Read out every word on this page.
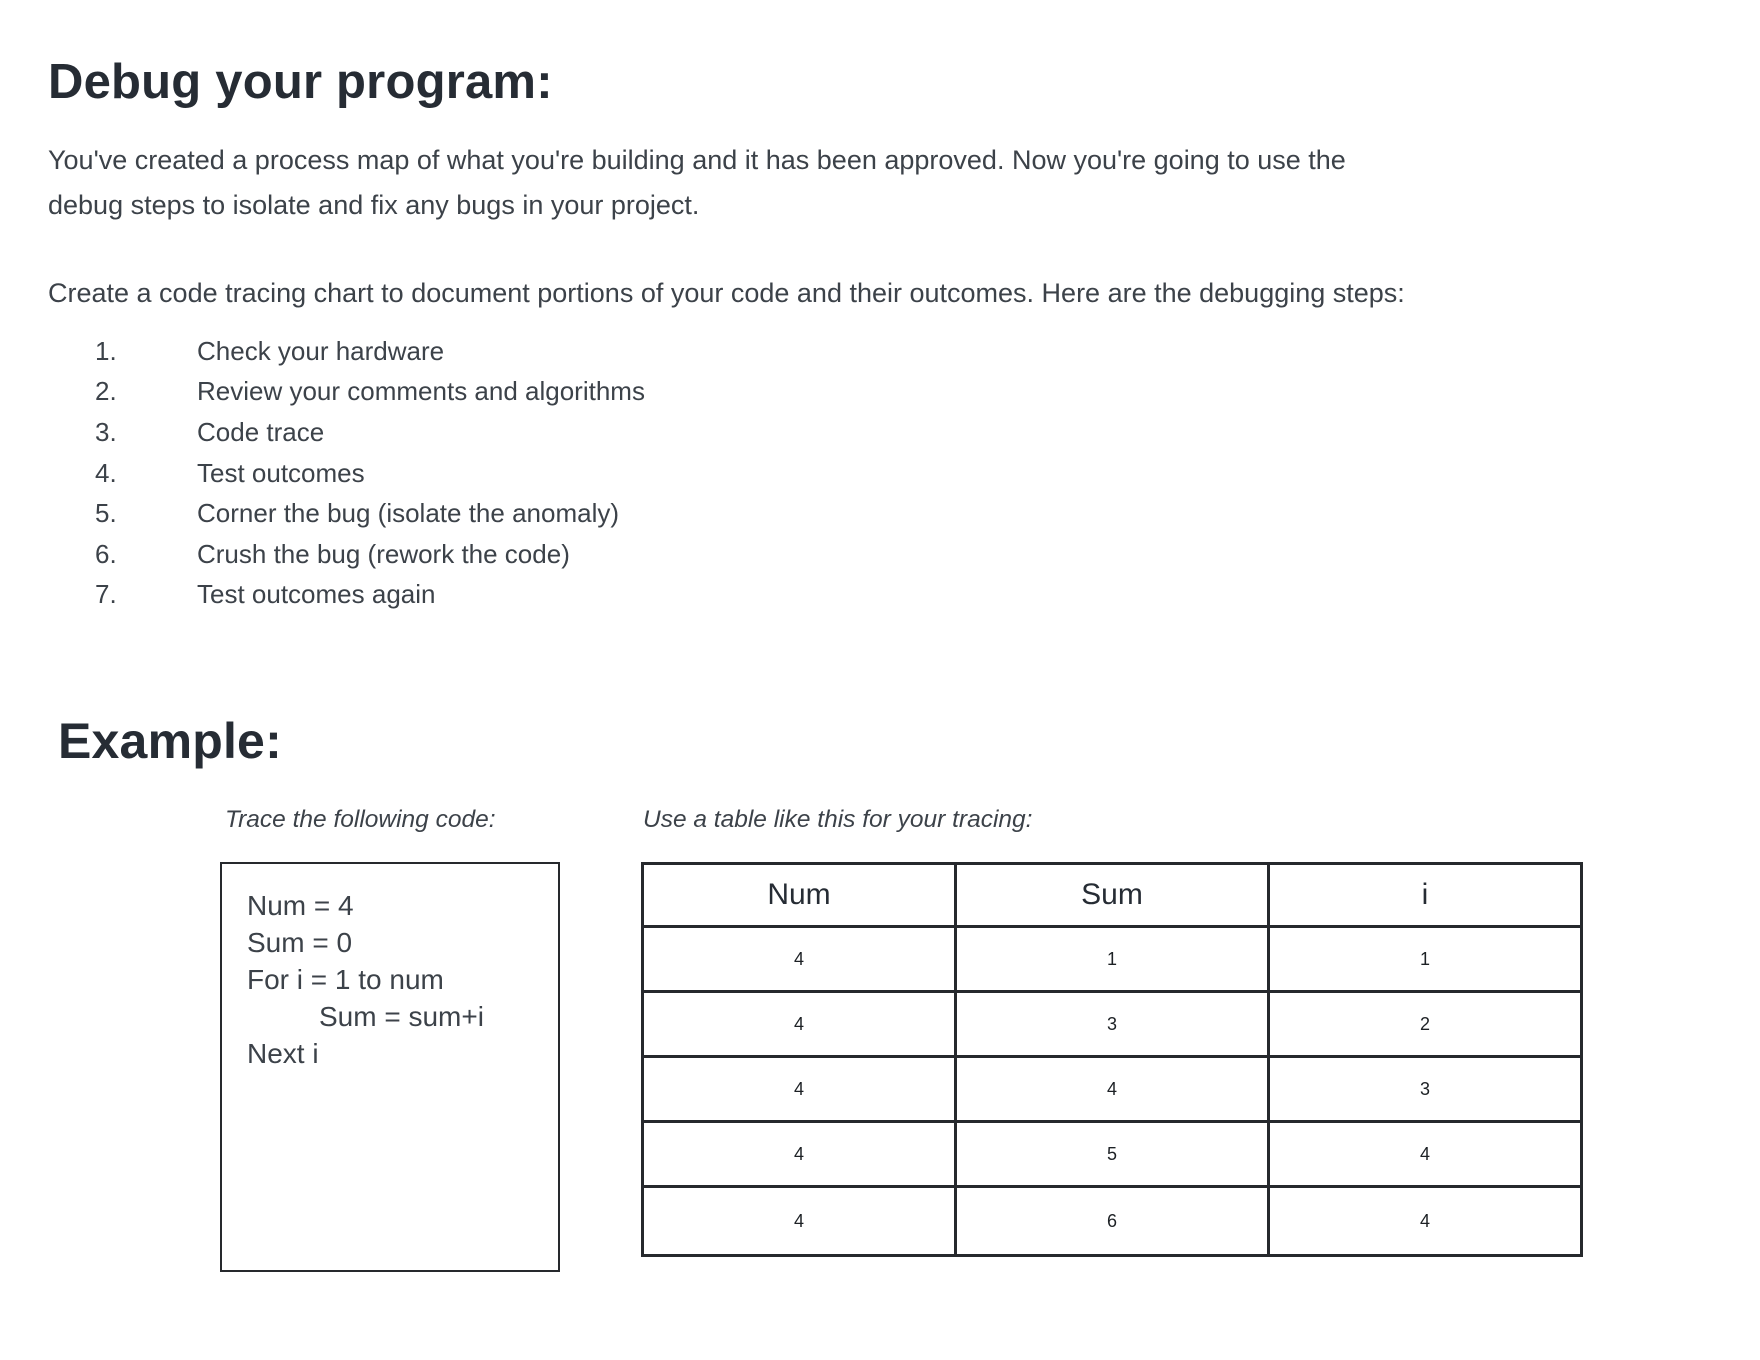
Debug your program:
You've created a process map of what you're building and it has been approved. Now you're going to use the
debug steps to isolate and fix any bugs in your project.
Create a code tracing chart to document portions of your code and their outcomes. Here are the debugging steps:
1.	Check your hardware
2.	Review your comments and algorithms
3.	Code trace
4.	Test outcomes
5.	Corner the bug (isolate the anomaly)
6.	Crush the bug (rework the code)
7.	Test outcomes again
Example:
Trace the following code:	Use a table like this for your tracing:
Num = 4
Sum = 0
For i = 1 to num
Sum = sum+i
Next i
Num	Sum	i
4	1	1
4	3	2
4	4	3
4	5	4
4	6	4
